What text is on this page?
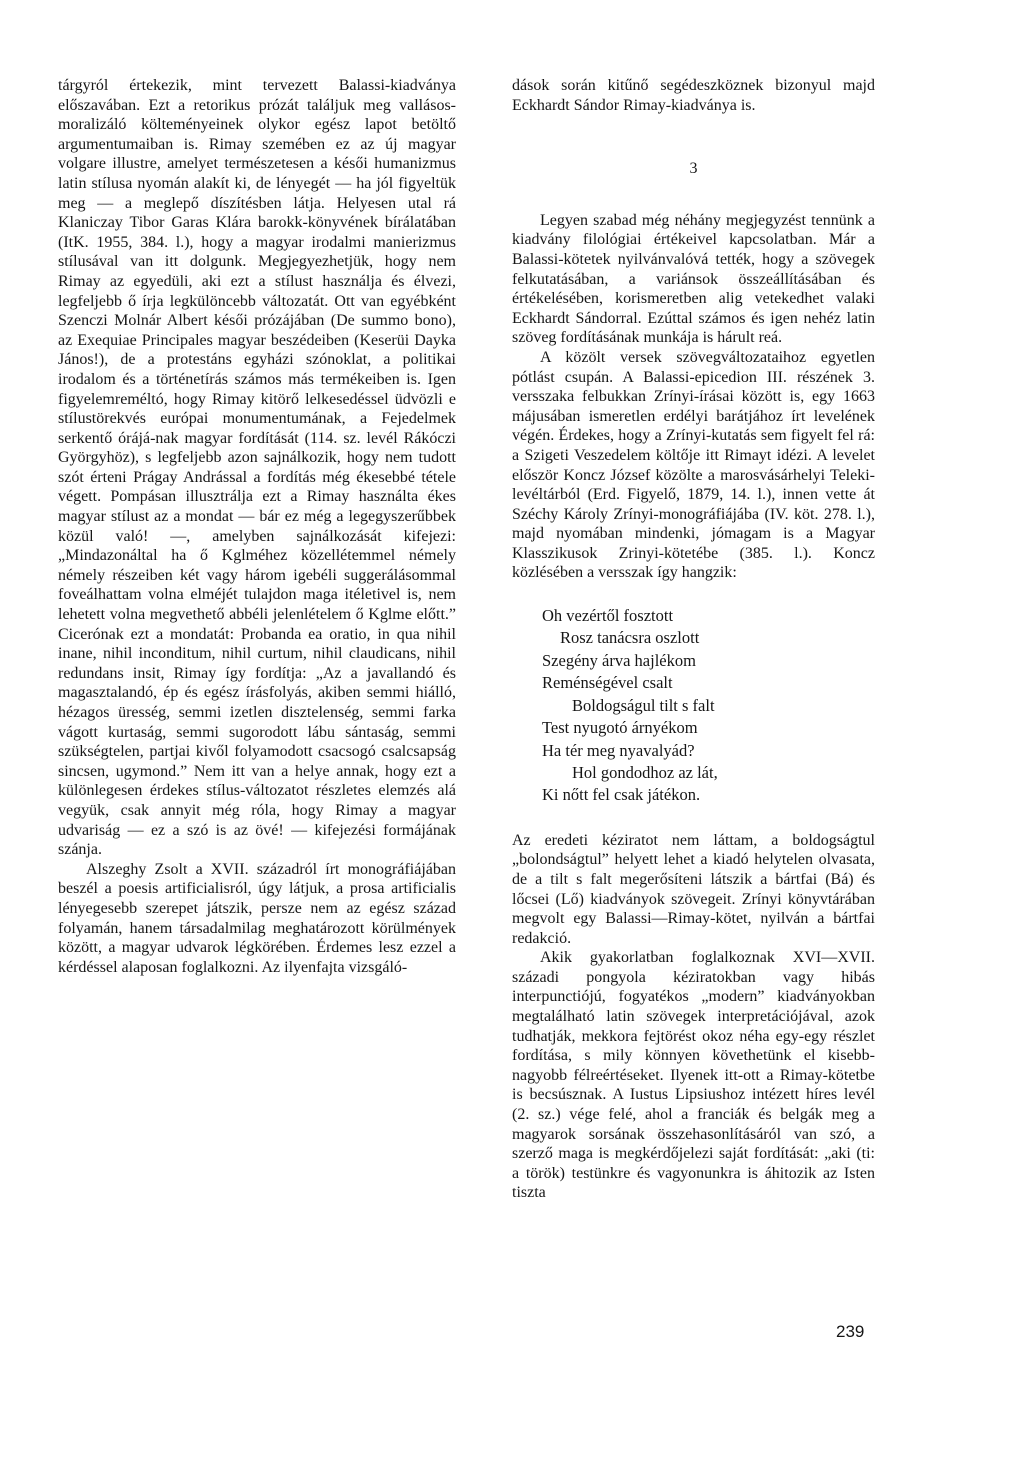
tárgyról értekezik, mint tervezett Balassi-kiadványa előszavában. Ezt a retorikus prózát találjuk meg vallásos-moralizáló költeményeinek olykor egész lapot betöltő argumentumaiban is. Rimay szemében ez az új magyar volgare illustre, amelyet természetesen a késői humanizmus latin stílusa nyomán alakít ki, de lényegét — ha jól figyeltük meg — a meglepő díszítésben látja. Helyesen utal rá Klaniczay Tibor Garas Klára barokk-könyvének bírálatában (ItK. 1955, 384. l.), hogy a magyar irodalmi manierizmus stílusával van itt dolgunk. Megjegyezhetjük, hogy nem Rimay az egyedüli, aki ezt a stílust használja és élvezi, legfeljebb ő írja legkülöncebb változatát. Ott van egyébként Szenczi Molnár Albert késői prózájában (De summo bono), az Exequiae Principales magyar beszédeiben (Keserüi Dayka János!), de a protestáns egyházi szónoklat, a politikai irodalom és a történetírás számos más termékeiben is. Igen figyelemreméltó, hogy Rimay kitörő lelkesedéssel üdvözli e stílustörekvés európai monumentumának, a Fejedelmek serkentő órájá-nak magyar fordítását (114. sz. levél Rákóczi Györgyhöz), s legfeljebb azon sajnálkozik, hogy nem tudott szót érteni Prágay Andrással a fordítás még ékesebbé tétele végett. Pompásan illusztrálja ezt a Rimay használta ékes magyar stílust az a mondat — bár ez még a legegyszerűbbek közül való! —, amelyben sajnálkozását kifejezi: „Mindazonáltal ha ő Kglméhez közellétemmel némely némely részeiben két vagy három igebéli suggerálásommal foveálhattam volna elméjét tulajdon maga itéletivel is, nem lehetett volna megvethető abbéli jelenlételem ő Kglme előtt.” Cicerónak ezt a mondatát: Probanda ea oratio, in qua nihil inane, nihil inconditum, nihil curtum, nihil claudicans, nihil redundans insit, Rimay így fordítja: „Az a javallandó és magasztalandó, ép és egész írásfolyás, akiben semmi hiálló, hézagos üresség, semmi izetlen disztelenség, semmi farka vágott kurtaság, semmi sugorodott lábu sántaság, semmi szükségtelen, partjai kivől folyamodott csacsogó csalcsapság sincsen, ugymond.” Nem itt van a helye annak, hogy ezt a különlegesen érdekes stílus-változatot részletes elemzés alá vegyük, csak annyit még róla, hogy Rimay a magyar udvariság — ez a szó is az övé! — kifejezési formájának szánja.

Alszeghy Zsolt a XVII. századról írt monográfiájában beszél a poesis artificialisról, úgy látjuk, a prosa artificialis lényegesebb szerepet játszik, persze nem az egész század folyamán, hanem társadalmilag meghatározott körülmények között, a magyar udvarok légkörében. Érdemes lesz ezzel a kérdéssel alaposan foglalkozni. Az ilyenfajta vizsgáló-

dások során kitűnő segédeszköznek bizonyul majd Eckhardt Sándor Rimay-kiadványa is.

3

Legyen szabad még néhány megjegyzést tennünk a kiadvány filológiai értékeivel kapcsolatban. Már a Balassi-kötetek nyilvánvalóvá tették, hogy a szövegek felkutatásában, a variánsok összeállításában és értékelésében, korismeretben alig vetekedhet valaki Eckhardt Sándorral. Ezúttal számos és igen nehéz latin szöveg fordításának munkája is hárult reá.

A közölt versek szövegváltozataihoz egyetlen pótlást csupán. A Balassi-epicedion III. részének 3. versszaka felbukkan Zrínyi-írásai között is, egy 1663 májusában ismeretlen erdélyi barátjához írt levelének végén. Érdekes, hogy a Zrínyi-kutatás sem figyelt fel rá: a Szigeti Veszedelem költője itt Rimayt idézi. A levelet először Koncz József közölte a marosvásárhelyi Teleki-levéltárból (Erd. Figyelő, 1879, 14. l.), innen vette át Széchy Károly Zrínyi-monográfiájába (IV. köt. 278. l.), majd nyomában mindenki, jómagam is a Magyar Klasszikusok Zrinyi-kötetébe (385. l.). Koncz közlésében a versszak így hangzik:

Oh vezértől fosztott
Rosz tanácsra oszlott
Szegény árva hajlékom
Reménségével csalt
Boldogságul tilt s falt
Test nyugotó árnyékom
Ha tér meg nyavalyád?
Hol gondodhoz az lát,
Ki nőtt fel csak játékon.

Az eredeti kéziratot nem láttam, a boldogságtul „bolondságtul” helyett lehet a kiadó helytelen olvasata, de a tilt s falt megerősíteni látszik a bártfai (Bá) és lőcsei (Lő) kiadványok szövegeit. Zrínyi könyvtárában megvolt egy Balassi—Rimay-kötet, nyilván a bártfai redakció.

Akik gyakorlatban foglalkoznak XVI—XVII. századi pongyola kéziratokban vagy hibás interpunctiójú, fogyatékos „modern” kiadványokban megtalálható latin szövegek interpretációjával, azok tudhatják, mekkora fejtörést okoz néha egy-egy részlet fordítása, s mily könnyen követhetünk el kisebb-nagyobb félreértéseket. Ilyenek itt-ott a Rimay-kötetbe is becsúsznak. A Iustus Lipsiushoz intézett híres levél (2. sz.) vége felé, ahol a franciák és belgák meg a magyarok sorsának összehasonlításáról van szó, a szerző maga is megkérdőjelezi saját fordítását: „aki (ti: a török) testünkre és vagyonunkra is áhitozik az Isten tiszta

239
